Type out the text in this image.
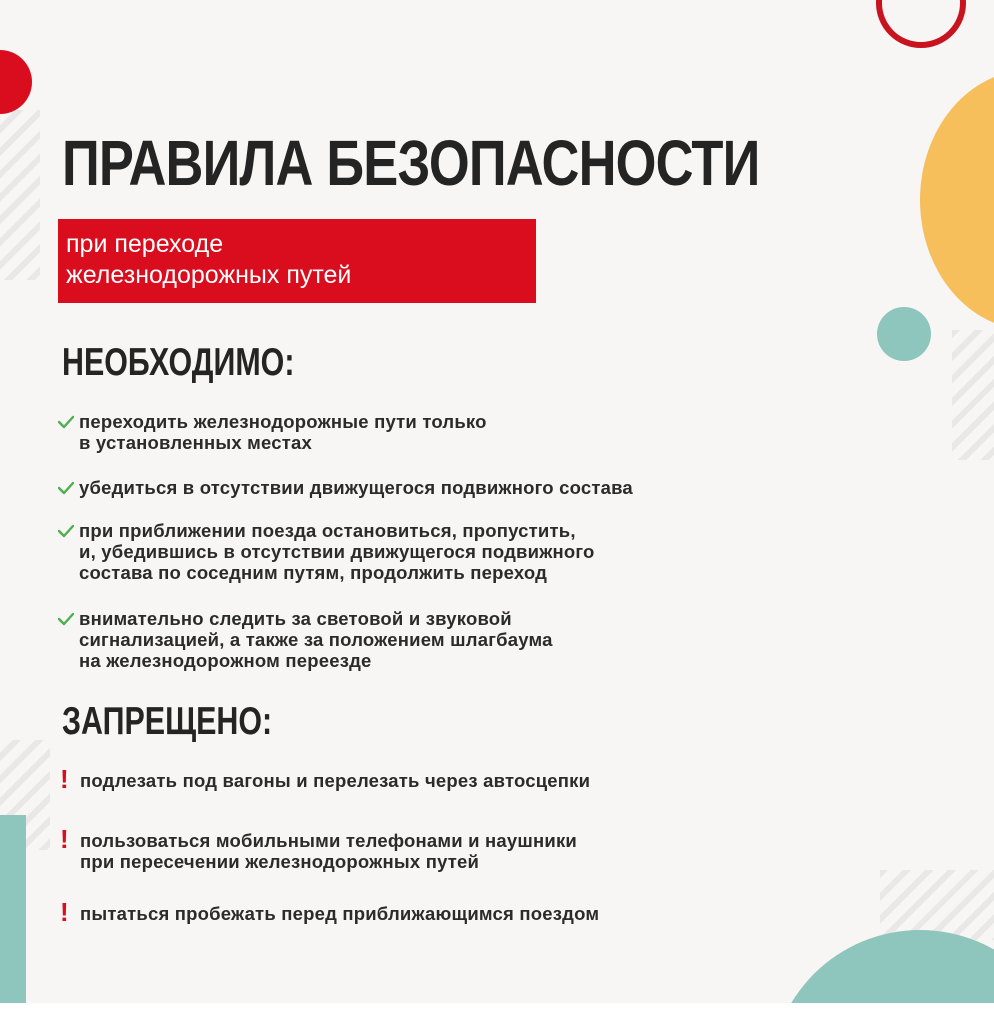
ПРАВИЛА БЕЗОПАСНОСТИ
при переходе
железнодорожных путей
НЕОБХОДИМО:
переходить железнодорожные пути только
в установленных местах
убедиться в отсутствии движущегося подвижного состава
при приближении поезда остановиться, пропустить,
и, убедившись в отсутствии движущегося подвижного
состава по соседним путям, продолжить переход
внимательно следить за световой и звуковой
сигнализацией, а также за положением шлагбаума
на железнодорожном переезде
ЗАПРЕЩЕНО:
! подлезать под вагоны и перелезать через автосцепки
! пользоваться мобильными телефонами и наушники
при пересечении железнодорожных путей
! пытаться пробежать перед приближающимся поездом
